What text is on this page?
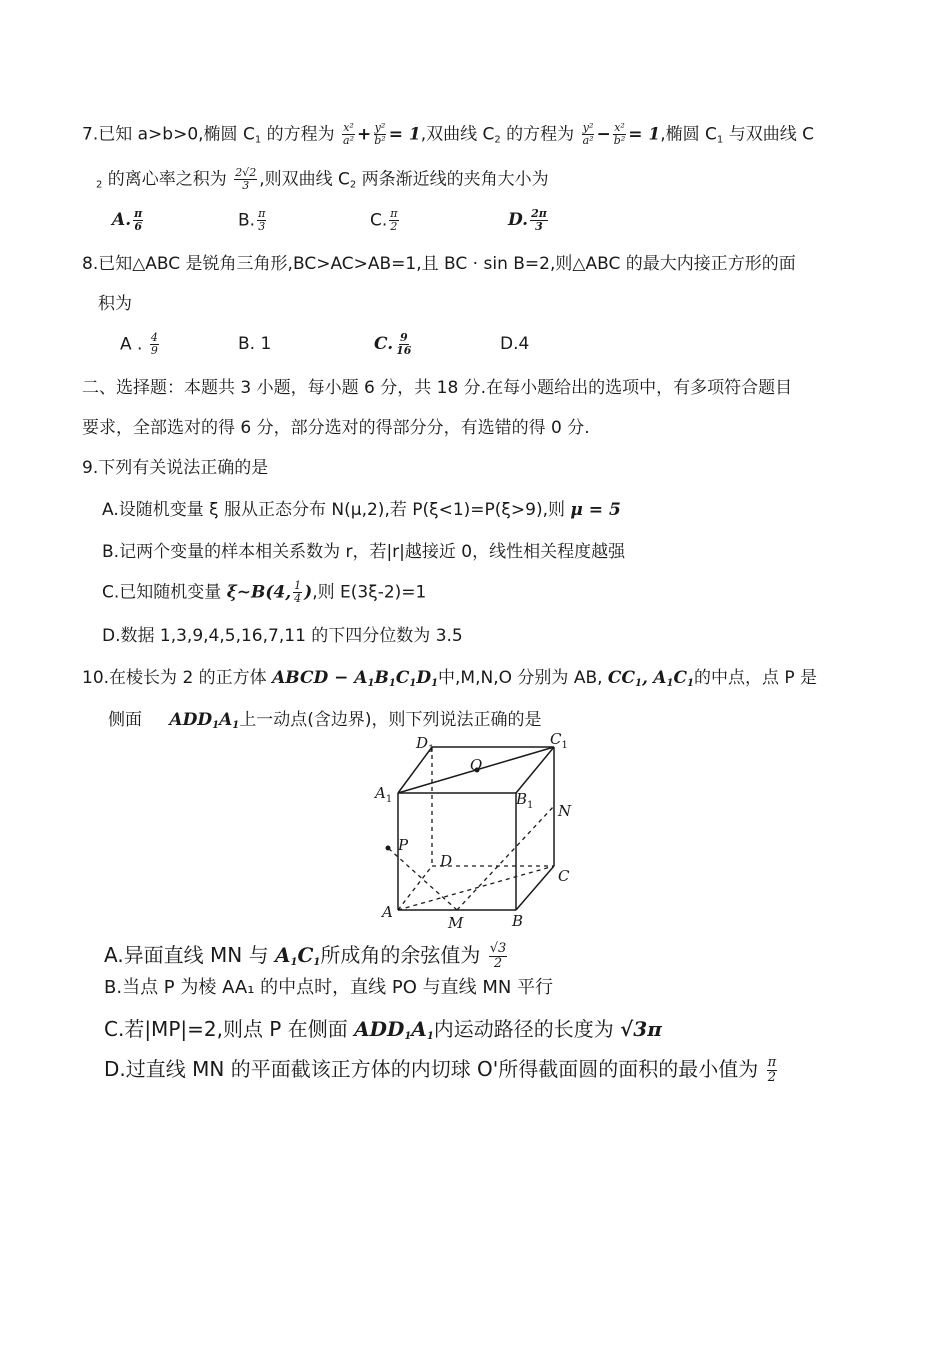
7.已知 a>b>0,椭圆 $C_1$ 的方程为 $\frac{\text{x²}}{\text{a²}} + \frac{\text{y²}}{\text{b²}} = 1$,双曲线 $C_2$ 的方程为 $\frac{\text{y²}}{\text{a²}} - \frac{\text{x²}}{\text{b²}} = 1$,椭圆 $C_1$ 与双曲线 C
$_2$ 的离心率之积为 $\frac{2√2}{3}$ ,则双曲线 $C_2$ 两条渐近线的夹角大小为
A. $\frac{\pi}{6}$	B. $\frac{\pi}{3}$	C. $\frac{\pi}{2}$	D. $\frac{2\pi}{3}$
8.已知△ABC 是锐角三角形,BC>AC>AB=1,且 BC · sin B=2,则△ABC 的最大内接正方形的面
积为
A . $\frac{4}{9}$	B. 1	C. $\frac{9}{16}$	D.4
二、选择题：本题共 3 小题，每小题 6 分，共 18 分.在每小题给出的选项中，有多项符合题目
要求，全部选对的得 6 分，部分选对的得部分分，有选错的得 0 分.
9.下列有关说法正确的是
A.设随机变量 ξ 服从正态分布 N(μ,2),若 P(ξ<1)=P(ξ>9),则 μ = 5
B.记两个变量的样本相关系数为 r，若|r|越接近 0，线性相关程度越强
C.已知随机变量 ξ∼B(4, $\frac{1}{4}$ ),则 E(3ξ-2)=1
D.数据 1,3,9,4,5,16,7,11 的下四分位数为 3.5
10.在棱长为 2 的正方体 ABCD − $A_1B_1C_1D_1$中,M,N,O 分别为 AB, $CC_1$, $A_1C_1$的中点，点 P 是
侧面 $ADD_1A_1$上一动点(含边界)，则下列说法正确的是
$D_1$
$C_1$
$A_1$	$B_1$
O
N
P
D
C
A
M	B
A.异面直线 MN 与 $A_1C_1$所成角的余弦值为 $\frac{√3}{2}$
B.当点 P 为棱 AA₁ 的中点时，直线 PO 与直线 MN 平行
C.若|MP|=2,则点 P 在侧面 $ADD_1A_1$内运动路径的长度为 √3π
D.过直线 MN 的平面截该正方体的内切球 O'所得截面圆的面积的最小值为 $\frac{\pi}{2}$
